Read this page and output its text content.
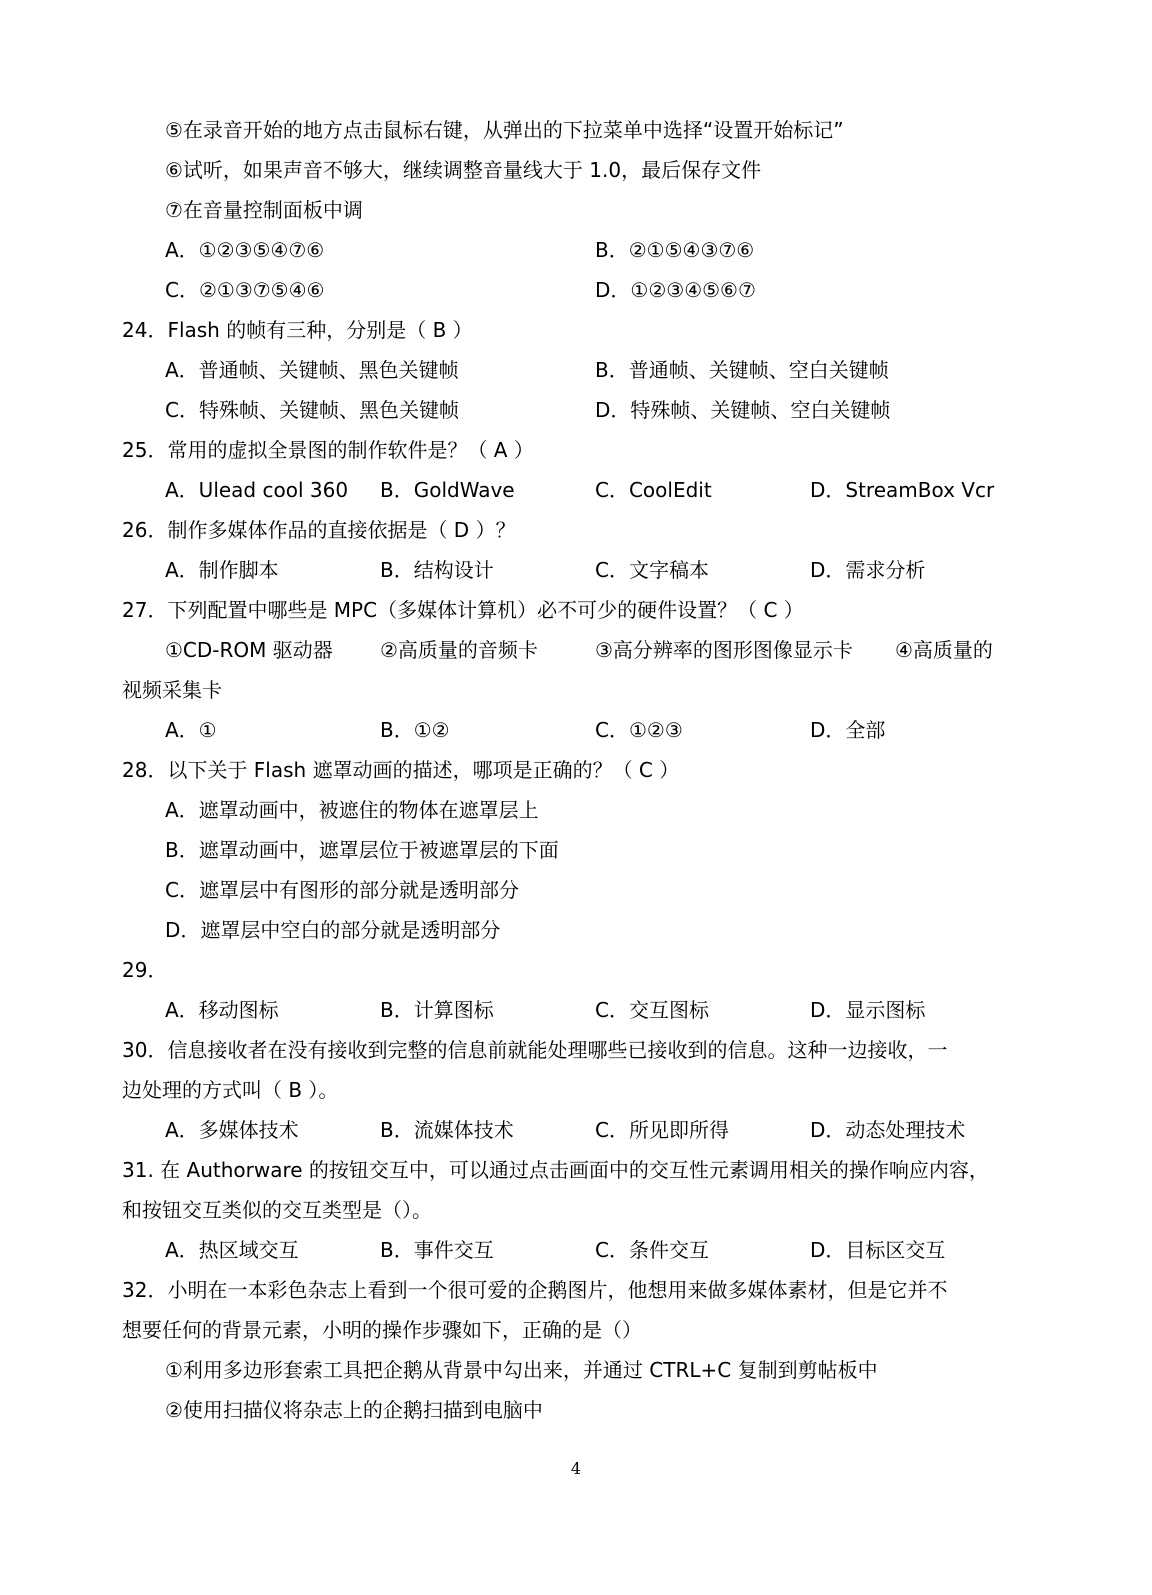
⑤在录音开始的地方点击鼠标右键，从弹出的下拉菜单中选择“设置开始标记”

⑥试听，如果声音不够大，继续调整音量线大于 1.0，最后保存文件

⑦在音量控制面板中调

A．①②③⑤④⑦⑥	B．②①⑤④③⑦⑥
C．②①③⑦⑤④⑥	D．①②③④⑤⑥⑦

24．Flash 的帧有三种，分别是（ B ）

A．普通帧、关键帧、黑色关键帧	B．普通帧、关键帧、空白关键帧
C．特殊帧、关键帧、黑色关键帧	D．特殊帧、关键帧、空白关键帧

25．常用的虚拟全景图的制作软件是？（ A ）

A．Ulead cool 360 B．GoldWave	C．CoolEdit	D．StreamBox Vcr

26．制作多媒体作品的直接依据是（ D ）？

A．制作脚本	B．结构设计	C．文字稿本	D．需求分析

27．下列配置中哪些是 MPC（多媒体计算机）必不可少的硬件设置？（ C ）

①CD-ROM 驱动器 ②高质量的音频卡	③高分辨率的图形图像显示卡 ④高质量的

视频采集卡

A．①	B．①②	C．①②③	D．全部

28．以下关于 Flash 遮罩动画的描述，哪项是正确的？（ C ）

A．遮罩动画中，被遮住的物体在遮罩层上

B．遮罩动画中，遮罩层位于被遮罩层的下面

C．遮罩层中有图形的部分就是透明部分

D．遮罩层中空白的部分就是透明部分

29．

A．移动图标	B．计算图标	C．交互图标	D．显示图标

30．信息接收者在没有接收到完整的信息前就能处理哪些已接收到的信息。这种一边接收，一

边处理的方式叫（ B ）。

A．多媒体技术	B．流媒体技术	C．所见即所得	D．动态处理技术

31. 在 Authorware 的按钮交互中，可以通过点击画面中的交互性元素调用相关的操作响应内容，

和按钮交互类似的交互类型是（）。

A．热区域交互	B．事件交互	C．条件交互	D．目标区交互

32．小明在一本彩色杂志上看到一个很可爱的企鹅图片，他想用来做多媒体素材，但是它并不

想要任何的背景元素，小明的操作步骤如下，正确的是（）

①利用多边形套索工具把企鹅从背景中勾出来，并通过 CTRL+C 复制到剪帖板中

②使用扫描仪将杂志上的企鹅扫描到电脑中

4
